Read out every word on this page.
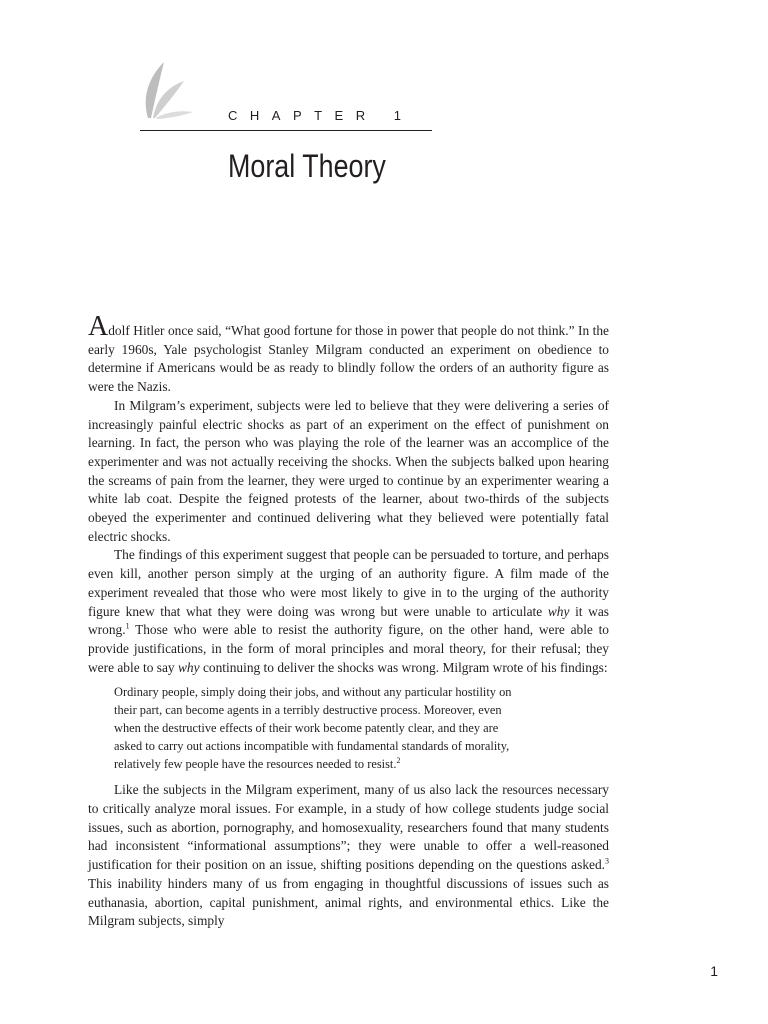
CHAPTER 1
Moral Theory

Adolf Hitler once said, “What good fortune for those in power that people do not think.” In the early 1960s, Yale psychologist Stanley Milgram conducted an experiment on obedience to determine if Americans would be as ready to blindly follow the orders of an authority figure as were the Nazis.

In Milgram’s experiment, subjects were led to believe that they were delivering a series of increasingly painful electric shocks as part of an experiment on the effect of punishment on learning. In fact, the person who was playing the role of the learner was an accomplice of the experimenter and was not actually receiving the shocks. When the subjects balked upon hearing the screams of pain from the learner, they were urged to continue by an experimenter wearing a white lab coat. Despite the feigned protests of the learner, about two-thirds of the subjects obeyed the experimenter and continued delivering what they believed were potentially fatal electric shocks.

The findings of this experiment suggest that people can be persuaded to torture, and perhaps even kill, another person simply at the urging of an authority figure. A film made of the experiment revealed that those who were most likely to give in to the urging of the authority figure knew that what they were doing was wrong but were unable to articulate why it was wrong.$^1$ Those who were able to resist the authority figure, on the other hand, were able to provide justifications, in the form of moral principles and moral theory, for their refusal; they were able to say why continuing to deliver the shocks was wrong. Milgram wrote of his findings:

Ordinary people, simply doing their jobs, and without any particular hostility on
their part, can become agents in a terribly destructive process. Moreover, even
when the destructive effects of their work become patently clear, and they are
asked to carry out actions incompatible with fundamental standards of morality,
relatively few people have the resources needed to resist.$^2$

Like the subjects in the Milgram experiment, many of us also lack the resources necessary to critically analyze moral issues. For example, in a study of how college students judge social issues, such as abortion, pornography, and homosexuality, researchers found that many students had inconsistent “informational assumptions”; they were unable to offer a well-reasoned justification for their position on an issue, shifting positions depending on the questions asked.$^3$ This inability hinders many of us from engaging in thoughtful discussions of issues such as euthanasia, abortion, capital punishment, animal rights, and environmental ethics. Like the Milgram subjects, simply

1
